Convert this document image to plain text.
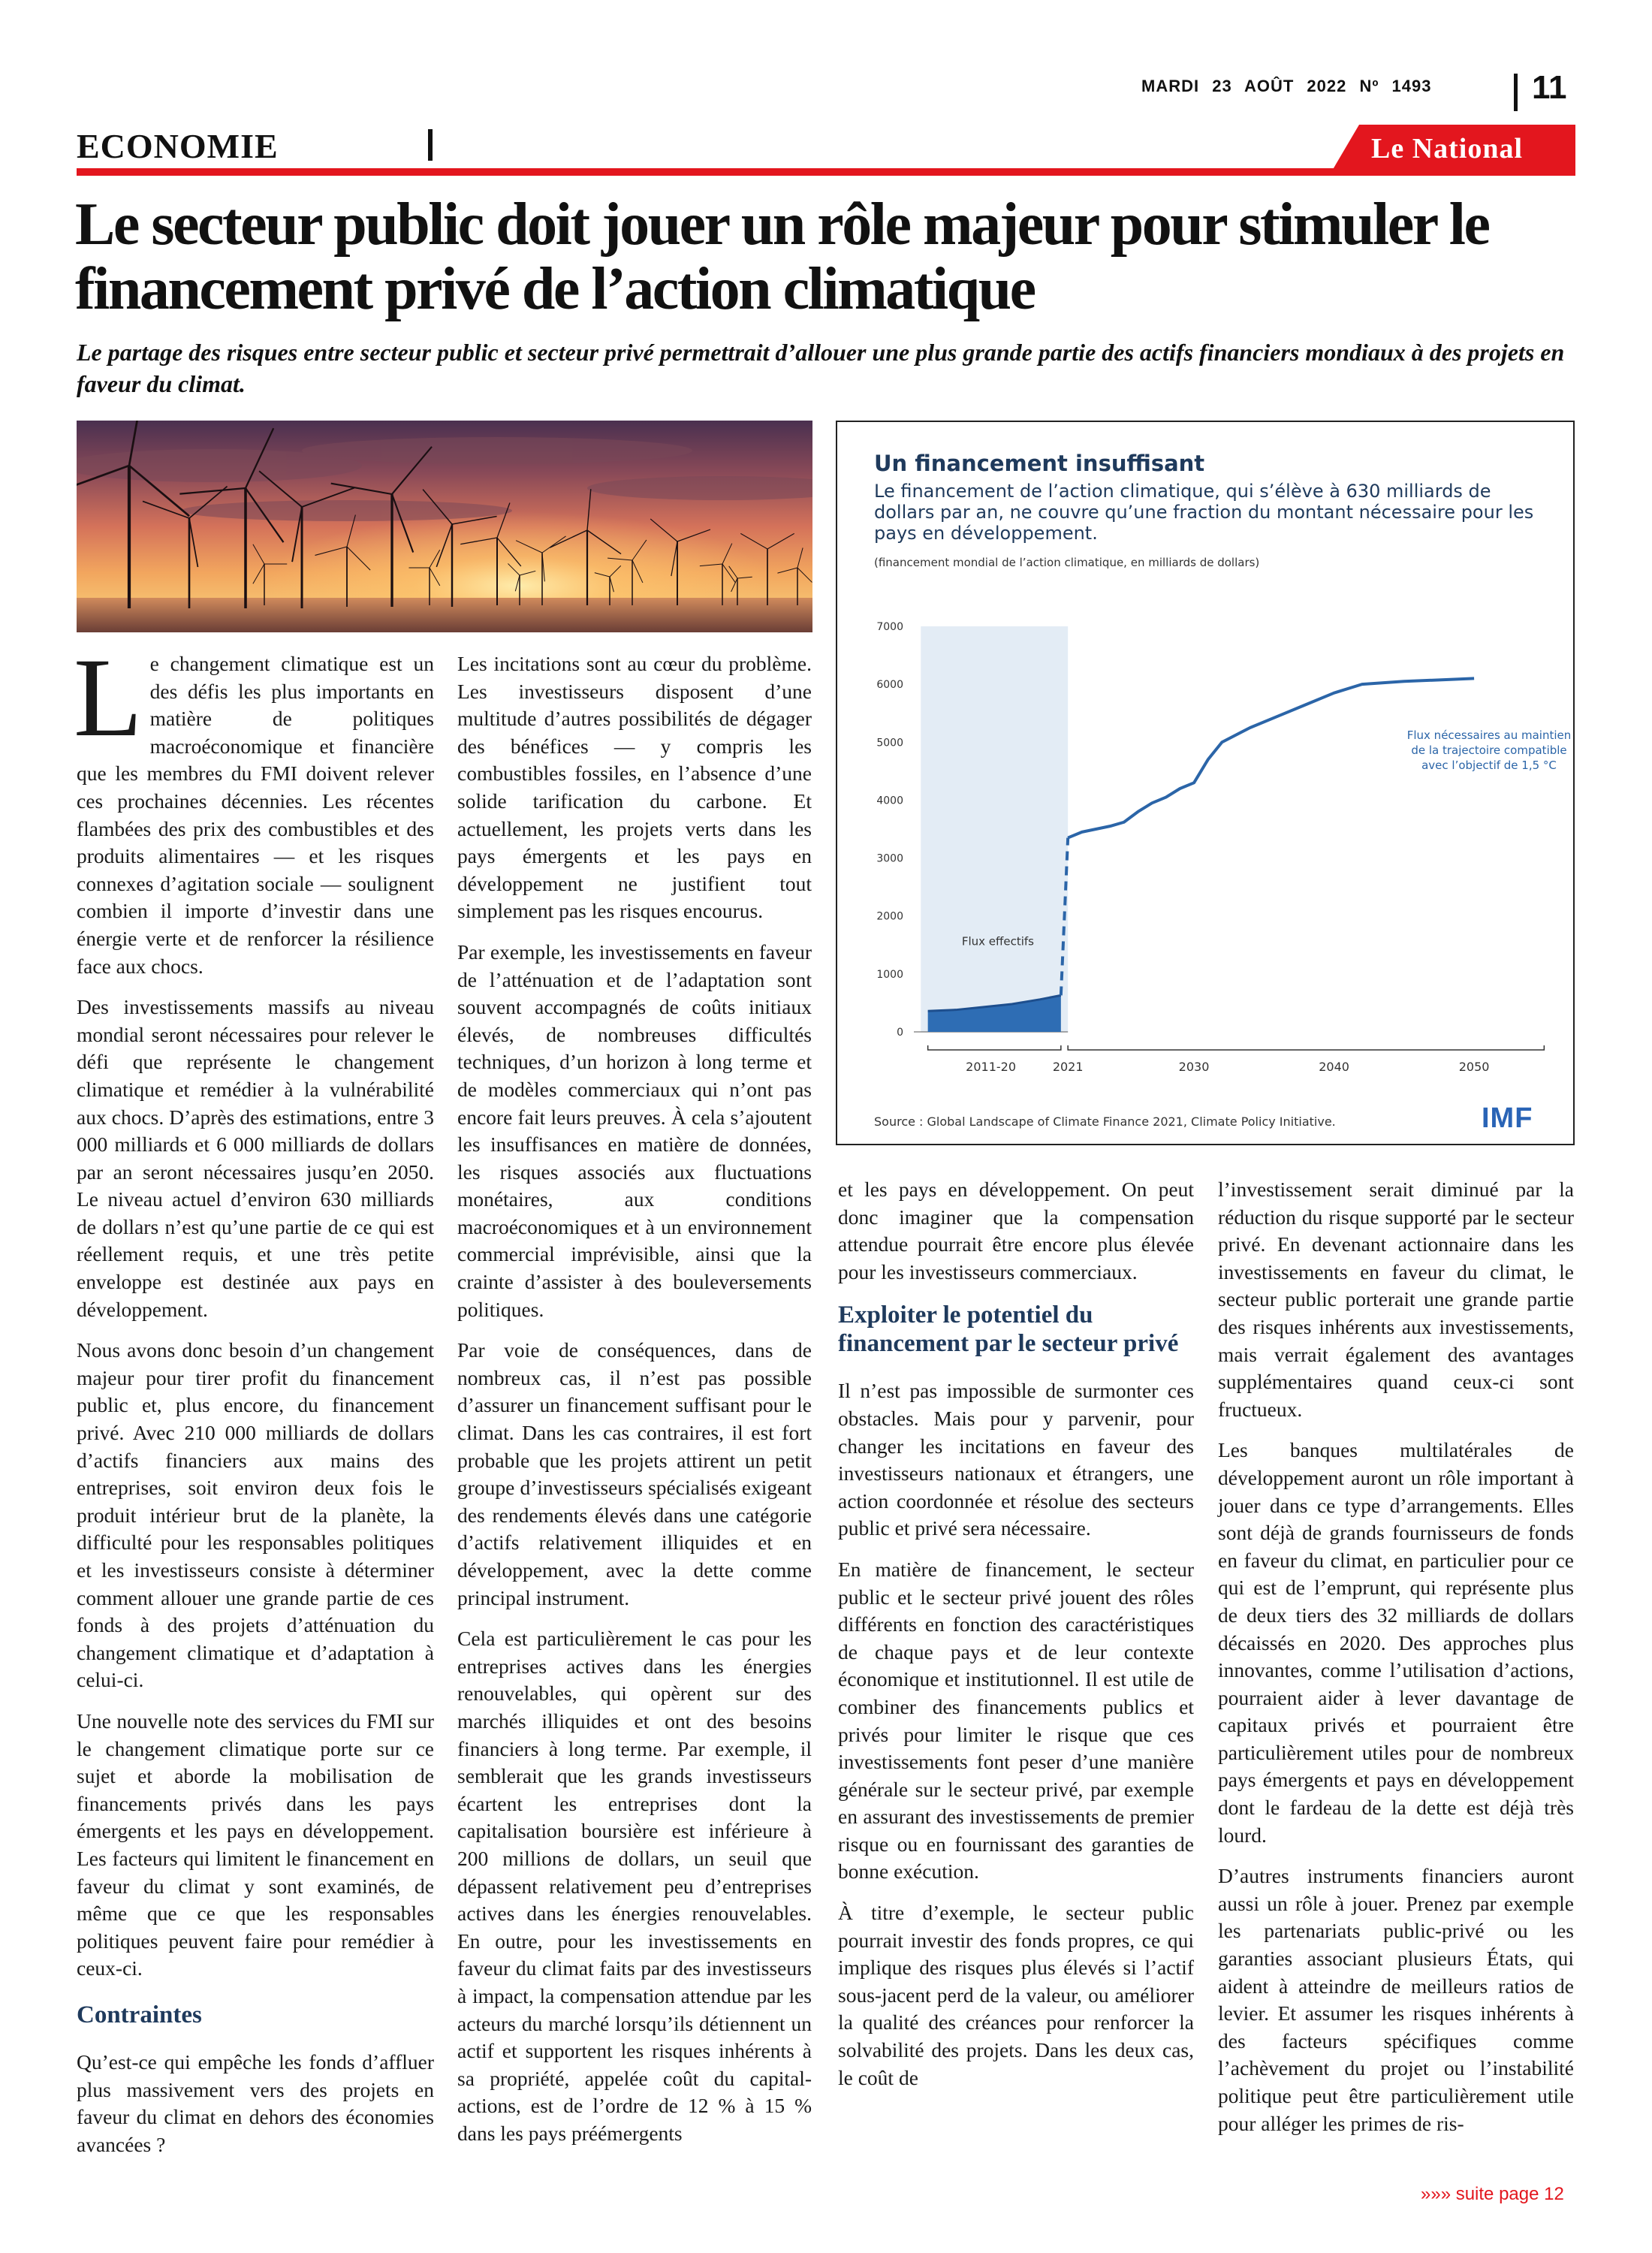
MARDI 23 AOÛT 2022 Nº 1493	11
ECONOMIE	Le National
Le secteur public doit jouer un rôle majeur pour stimuler le financement privé de l’action climatique
Le partage des risques entre secteur public et secteur privé permettrait d’allouer une plus grande partie des actifs financiers mondiaux à des projets en faveur du climat.
Un financement insuffisant
Le financement de l’action climatique, qui s’élève à 630 milliards de dollars par an, ne couvre qu’une fraction du montant nécessaire pour les pays en développement.
(financement mondial de l’action climatique, en milliards de dollars)
7000
6000
5000
4000
3000
2000
1000
0
2011-20	2021	2030	2040	2050
Flux effectifs
Flux nécessaires au maintien
de la trajectoire compatible
avec l’objectif de 1,5 °C
Source : Global Landscape of Climate Finance 2021, Climate Policy Initiative.	IMF

Le changement climatique est un des défis les plus importants en matière de politiques macroéconomique et financière que les membres du FMI doivent relever ces prochaines décennies. Les récentes flambées des prix des combustibles et des produits alimentaires — et les risques connexes d’agitation sociale — soulignent combien il importe d’investir dans une énergie verte et de renforcer la résilience face aux chocs.

Des investissements massifs au niveau mondial seront nécessaires pour relever le défi que représente le changement climatique et remédier à la vulnérabilité aux chocs. D’après des estimations, entre 3 000 milliards et 6 000 milliards de dollars par an seront nécessaires jusqu’en 2050. Le niveau actuel d’environ 630 milliards de dollars n’est qu’une partie de ce qui est réellement requis, et une très petite enveloppe est destinée aux pays en développement.

Nous avons donc besoin d’un changement majeur pour tirer profit du financement public et, plus encore, du financement privé. Avec 210 000 milliards de dollars d’actifs financiers aux mains des entreprises, soit environ deux fois le produit intérieur brut de la planète, la difficulté pour les responsables politiques et les investisseurs consiste à déterminer comment allouer une grande partie de ces fonds à des projets d’atténuation du changement climatique et d’adaptation à celui-ci.

Une nouvelle note des services du FMI sur le changement climatique porte sur ce sujet et aborde la mobilisation de financements privés dans les pays émergents et les pays en développement. Les facteurs qui limitent le financement en faveur du climat y sont examinés, de même que ce que les responsables politiques peuvent faire pour remédier à ceux-ci.

Contraintes

Qu’est-ce qui empêche les fonds d’affluer plus massivement vers des projets en faveur du climat en dehors des économies avancées ?

Les incitations sont au cœur du problème. Les investisseurs disposent d’une multitude d’autres possibilités de dégager des bénéfices — y compris les combustibles fossiles, en l’absence d’une solide tarification du carbone. Et actuellement, les projets verts dans les pays émergents et les pays en développement ne justifient tout simplement pas les risques encourus.

Par exemple, les investissements en faveur de l’atténuation et de l’adaptation sont souvent accompagnés de coûts initiaux élevés, de nombreuses difficultés techniques, d’un horizon à long terme et de modèles commerciaux qui n’ont pas encore fait leurs preuves. À cela s’ajoutent les insuffisances en matière de données, les risques associés aux fluctuations monétaires, aux conditions macroéconomiques et à un environnement commercial imprévisible, ainsi que la crainte d’assister à des bouleversements politiques.

Par voie de conséquences, dans de nombreux cas, il n’est pas possible d’assurer un financement suffisant pour le climat. Dans les cas contraires, il est fort probable que les projets attirent un petit groupe d’investisseurs spécialisés exigeant des rendements élevés dans une catégorie d’actifs relativement illiquides et en développement, avec la dette comme principal instrument.

Cela est particulièrement le cas pour les entreprises actives dans les énergies renouvelables, qui opèrent sur des marchés illiquides et ont des besoins financiers à long terme. Par exemple, il semblerait que les grands investisseurs écartent les entreprises dont la capitalisation boursière est inférieure à 200 millions de dollars, un seuil que dépassent relativement peu d’entreprises actives dans les énergies renouvelables. En outre, pour les investissements en faveur du climat faits par des investisseurs à impact, la compensation attendue par les acteurs du marché lorsqu’ils détiennent un actif et supportent les risques inhérents à sa propriété, appelée coût du capital-actions, est de l’ordre de 12 % à 15 % dans les pays préémergents

et les pays en développement. On peut donc imaginer que la compensation attendue pourrait être encore plus élevée pour les investisseurs commerciaux.

Exploiter le potentiel du financement par le secteur privé

Il n’est pas impossible de surmonter ces obstacles. Mais pour y parvenir, pour changer les incitations en faveur des investisseurs nationaux et étrangers, une action coordonnée et résolue des secteurs public et privé sera nécessaire.

En matière de financement, le secteur public et le secteur privé jouent des rôles différents en fonction des caractéristiques de chaque pays et de leur contexte économique et institutionnel. Il est utile de combiner des financements publics et privés pour limiter le risque que ces investissements font peser d’une manière générale sur le secteur privé, par exemple en assurant des investissements de premier risque ou en fournissant des garanties de bonne exécution.

À titre d’exemple, le secteur public pourrait investir des fonds propres, ce qui implique des risques plus élevés si l’actif sous-jacent perd de la valeur, ou améliorer la qualité des créances pour renforcer la solvabilité des projets. Dans les deux cas, le coût de

l’investissement serait diminué par la réduction du risque supporté par le secteur privé. En devenant actionnaire dans les investissements en faveur du climat, le secteur public porterait une grande partie des risques inhérents aux investissements, mais verrait également des avantages supplémentaires quand ceux-ci sont fructueux.

Les banques multilatérales de développement auront un rôle important à jouer dans ce type d’arrangements. Elles sont déjà de grands fournisseurs de fonds en faveur du climat, en particulier pour ce qui est de l’emprunt, qui représente plus de deux tiers des 32 milliards de dollars décaissés en 2020. Des approches plus innovantes, comme l’utilisation d’actions, pourraient aider à lever davantage de capitaux privés et pourraient être particulièrement utiles pour de nombreux pays émergents et pays en développement dont le fardeau de la dette est déjà très lourd.

D’autres instruments financiers auront aussi un rôle à jouer. Prenez par exemple les partenariats public-privé ou les garanties associant plusieurs États, qui aident à atteindre de meilleurs ratios de levier. Et assumer les risques inhérents à des facteurs spécifiques comme l’achèvement du projet ou l’instabilité politique peut être particulièrement utile pour alléger les primes de ris-

»»» suite page 12
